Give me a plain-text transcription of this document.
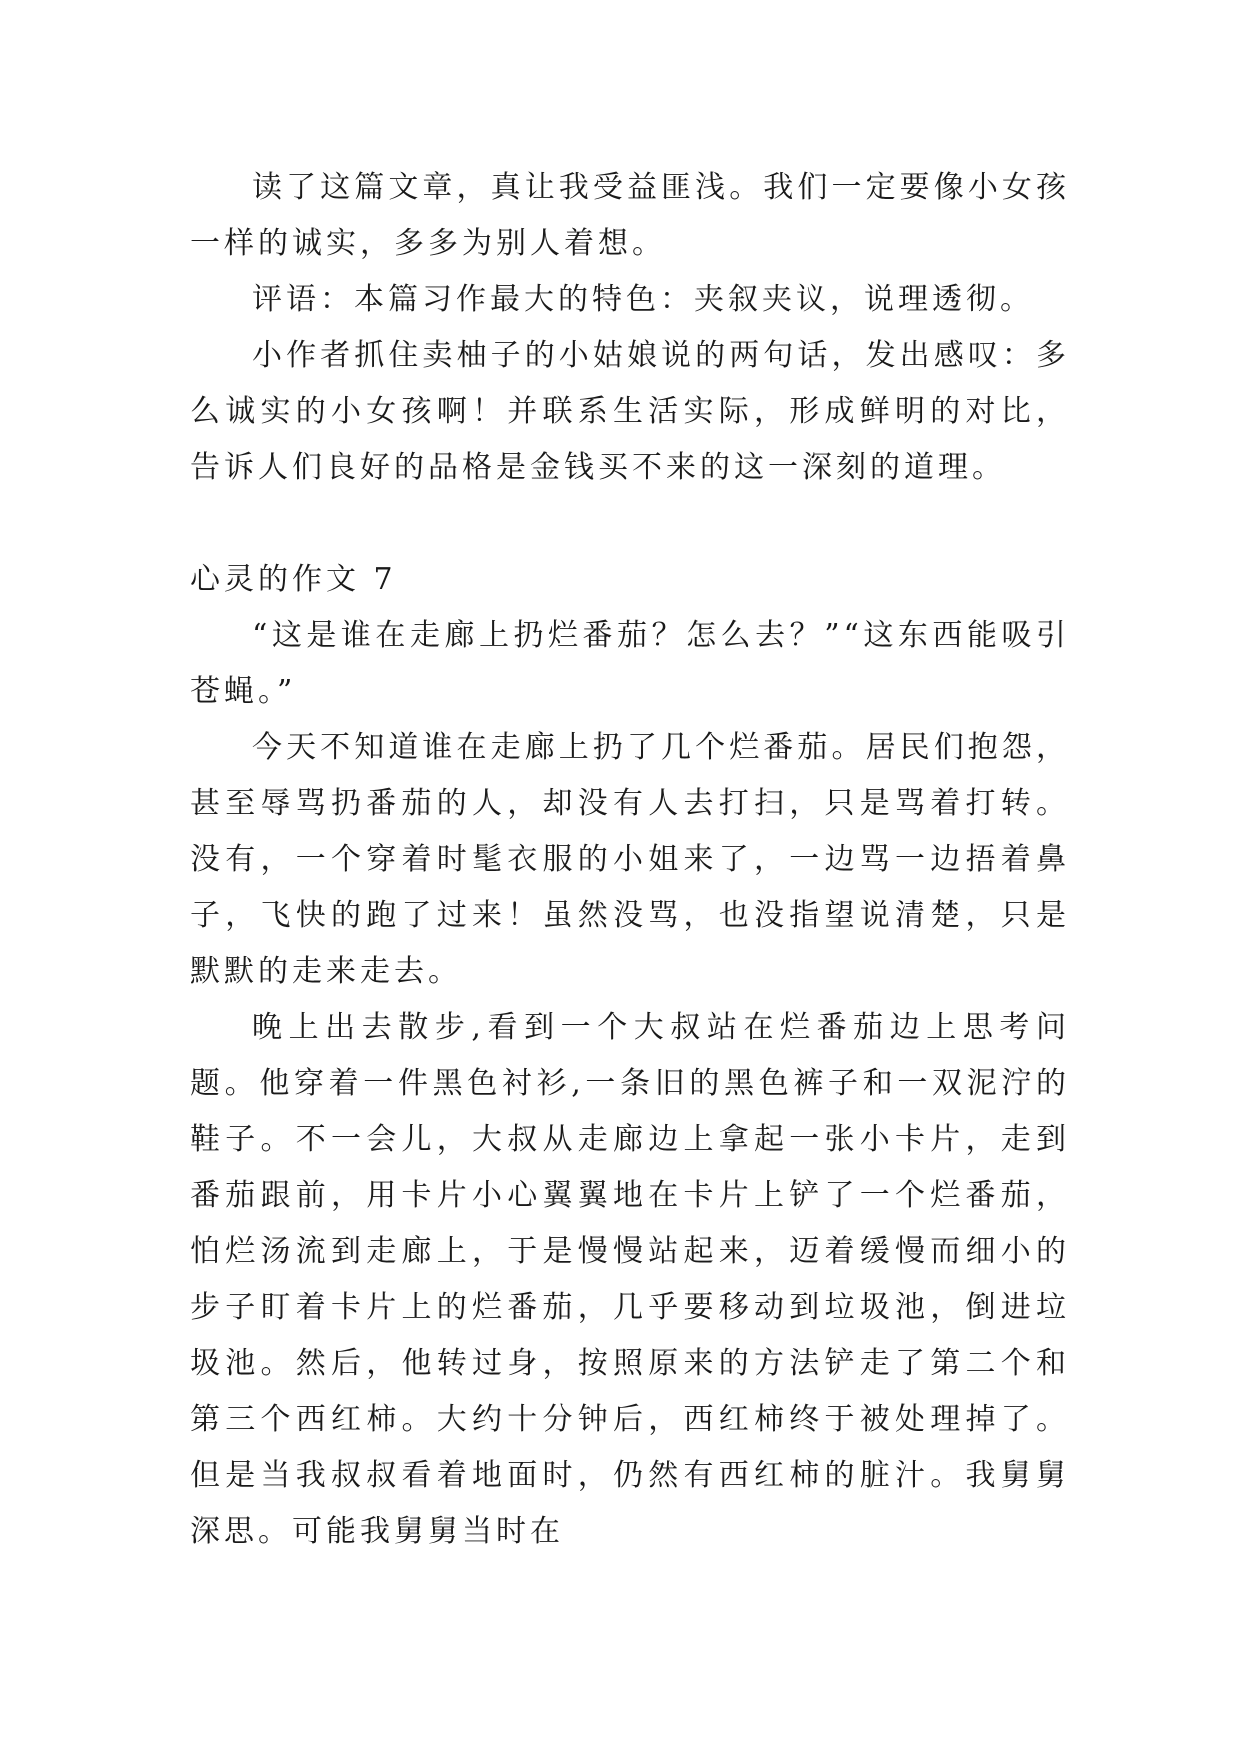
读了这篇文章，真让我受益匪浅。我们一定要像小女孩一样的诚实，多多为别人着想。

评语：本篇习作最大的特色：夹叙夹议，说理透彻。

小作者抓住卖柚子的小姑娘说的两句话，发出感叹：多么诚实的小女孩啊！并联系生活实际，形成鲜明的对比，告诉人们良好的品格是金钱买不来的这一深刻的道理。

心灵的作文 7

“这是谁在走廊上扔烂番茄？怎么去？”“这东西能吸引苍蝇。”

今天不知道谁在走廊上扔了几个烂番茄。居民们抱怨，甚至辱骂扔番茄的人，却没有人去打扫，只是骂着打转。没有，一个穿着时髦衣服的小姐来了，一边骂一边捂着鼻子，飞快的跑了过来！虽然没骂，也没指望说清楚，只是默默的走来走去。

晚上出去散步,看到一个大叔站在烂番茄边上思考问题。他穿着一件黑色衬衫,一条旧的黑色裤子和一双泥泞的鞋子。不一会儿，大叔从走廊边上拿起一张小卡片，走到番茄跟前，用卡片小心翼翼地在卡片上铲了一个烂番茄，怕烂汤流到走廊上，于是慢慢站起来，迈着缓慢而细小的步子盯着卡片上的烂番茄，几乎要移动到垃圾池，倒进垃圾池。然后，他转过身，按照原来的方法铲走了第二个和第三个西红柿。大约十分钟后，西红柿终于被处理掉了。但是当我叔叔看着地面时，仍然有西红柿的脏汁。我舅舅深思。可能我舅舅当时在
